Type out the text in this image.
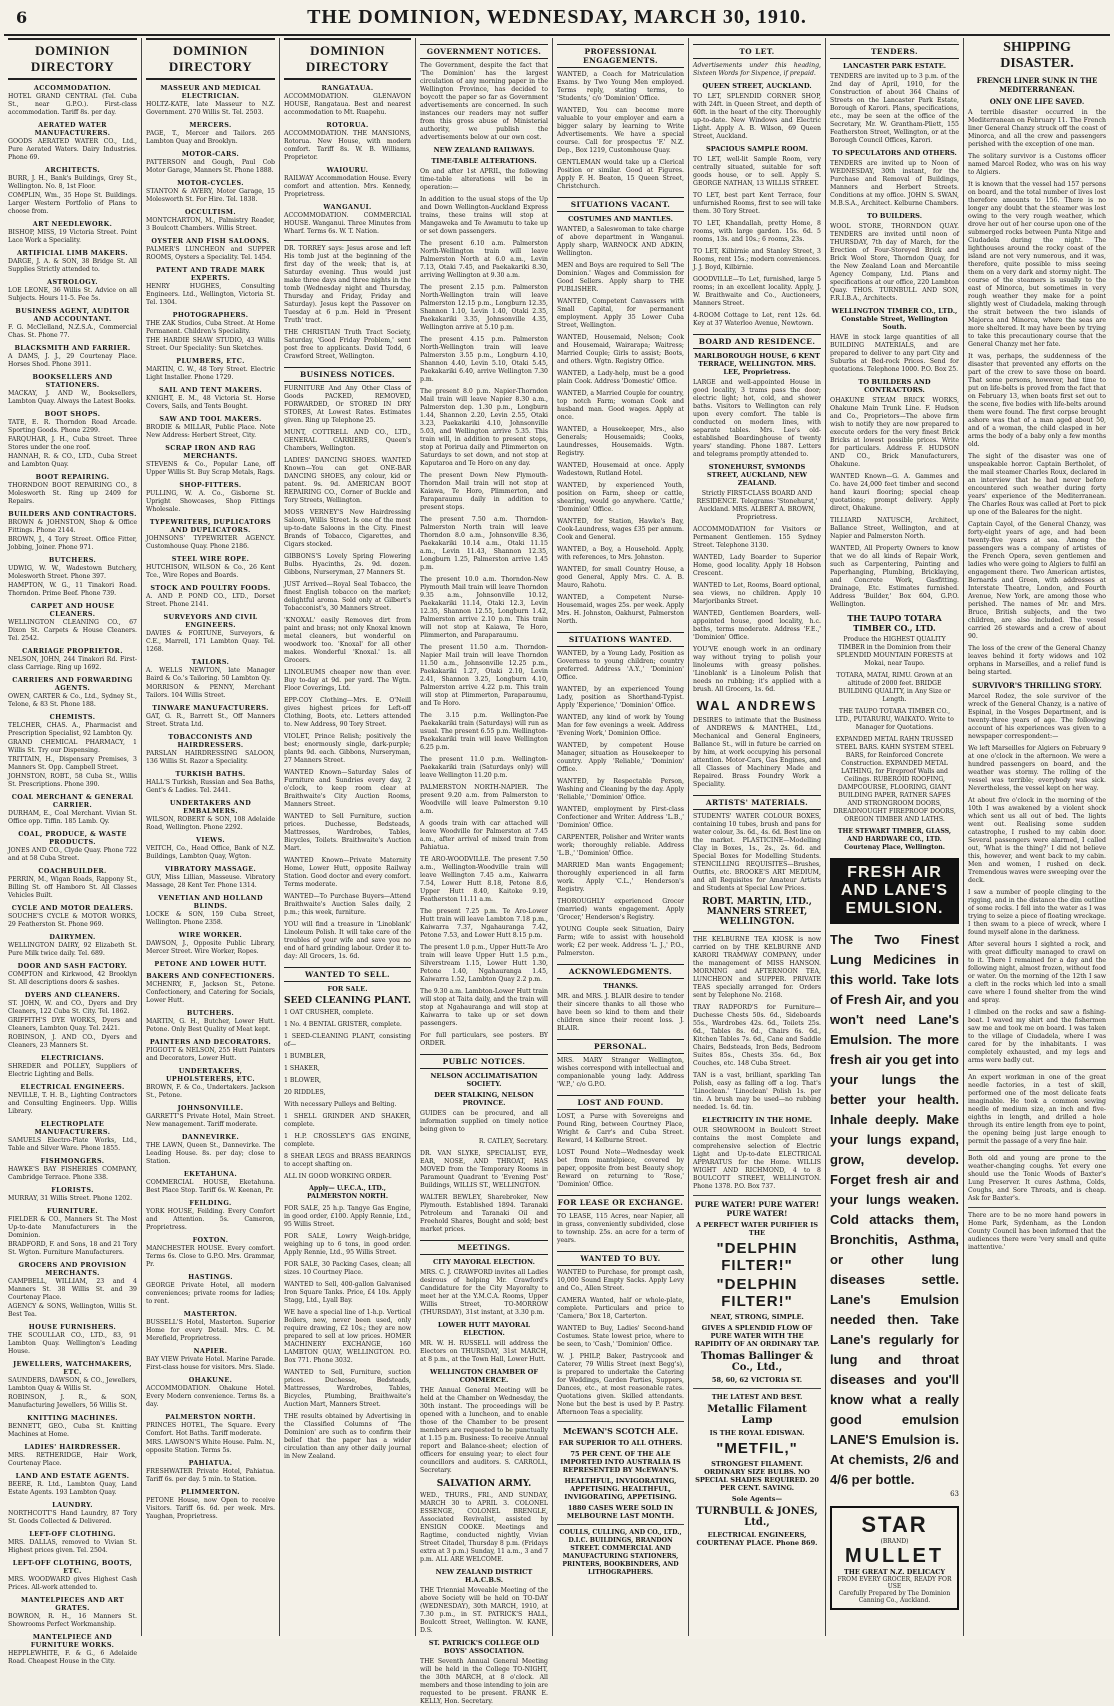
6	THE DOMINION, WEDNESDAY, MARCH 30, 1910.
DOMINION DIRECTORY
ACCOMMODATION.

HOTEL GRAND CENTRAL (Tel. Cuba St., near G.P.O.). First-class accommodation. Tariff 8s. per day.

AERATED WATER MANUFACTURERS.

GOODS AERATED WATER CO., Ltd., Pure Aerated Waters. Dairy Industries. Phone 69.

ARCHITECTS.

BURR, J. H., Bank's Buildings, Grey St., Wellington. No. 8, 1st Floor.

COMPLIN, Wm., 35 Hope St. Buildings. Larger Western Portfolio of Plans to choose from.

ART NEEDLEWORK.

BISHOP, MISS, 19 Victoria Street. Point Lace Work a Speciality.

ARTIFICIAL LIMB MAKERS.

DARGE, J. A. & SON, 38 Bridge St. All Supplies Strictly attended to.

ASTROLOGY.

LOE LEONE, 36 Willis St. Advice on all Subjects. Hours 11-5. Fee 5s.

BUSINESS AGENT, AUDITOR AND ACCOUNTANT.

F. G. McClelland, N.Z.S.A., Commercial Chas. St. Phone 77.

BLACKSMITH AND FARRIER.

A DAMS, J. J., 29 Courtenay Place. Horses Shod. Phone 3911.

BOOKSELLERS AND STATIONERS.

MACKAY, J. AND W., Booksellers, Lambton Quay. Always the Latest Books.

BOOT SHOPS.

TATE, E. R. Thorndon Road Arcade. Sporting Goods. Phone 2299.

FARQUHAR, J. H., Cuba Street. Three Stores under the one roof.

HANNAH, R. & CO., LTD., Cuba Street and Lambton Quay.

BOOT REPAIRING.

THORNDON BOOT REPAIRING CO., 8 Molesworth St. Ring up 2409 for Repairs.

BUILDERS AND CONTRACTORS.

BROWN & JOHNSTON, Shop & Office Fittings. Phone 2144.

BROWN, J., 4 Tory Street. Office Fitter, Jobbing, Joiner. Phone 971.

BUTCHERS.

UDWIG, W. W., Wadestown Butchery, Molesworth Street. Phone 397.

HAMPTON, W. G., 11 Tinakori Road. Thorndon. Prime Beef. Phone 739.

CARPET AND HOUSE CLEANERS.

WELLINGTON CLEANING CO., 67 Dixon St. Carpets & House Cleaners. Tel. 2542.

CARRIAGE PROPRIETOR.

NELSON, JOHN, 244 Tinakori Rd. First-class Carriage. Ring up 1692.

CARRIERS AND FORWARDING AGENTS.

OWEN, CARTER & Co., Ltd., Sydney St., Telone, & 83 St. Phone 188.

CHEMISTS.

TELCHER, CHAS. A., Pharmacist and Prescription Specialist, 92 Lambton Qy.

GRAND CHEMICAL PHARMACY, 1 Willis St. Try our Dispensing.

TRITTAIN, H., Dispensary Premises, 3 Manners St. Opp. Campbell Street.

JOHNSTON, ROBT., 58 Cuba St., Willis St. Prescriptions. Phone 390.

COAL MERCHANT & GENERAL CARRIER.

DURHAM, E., Coal Merchant. Vivian St. Office opp. Tiffin. 185 Lamb. Qy.

COAL, PRODUCE, & WASTE PRODUCTS.

JONES AND CO., Clyde Quay. Phone 722 and at 58 Cuba Street.

COACHBUILDER.

PERRIN, M., Wigan Roads, Rappony St., Billing St. off Hamboro St. All Classes Vehicles Built.

CYCLE AND MOTOR DEALERS.

SOUCHE'S CYCLE & MOTOR WORKS, 29 Featherston St. Phone 969.

DAIRYMEN.

WELLINGTON DAIRY, 92 Elizabeth St. Pure Milk twice daily. Tel. 689.

DOOR AND SASH FACTORY.

COMPTON and Kirkwood, 42 Brooklyn St. All descriptions doors & sashes.

DYERS AND CLEANERS.

ST. JOHN, W. and CO., Dyers and Dry Cleaners, 122 Cuba St. City. Tel. 1862.

GRIFFITH'S DYE WORKS, Dyers and Cleaners, Lambton Quay. Tel. 2421.

ROBINSON, J. AND CO., Dyers and Cleaners, 23 Manners St.

ELECTRICIANS.

SHREDER and POLLEY, Suppliers of Electric Lighting and Bells.

ELECTRICAL ENGINEERS.

NEVILLE, T. H. B., Lighting Contractors and Consulting Engineers. Upp. Willis Library.

ELECTROPLATE MANUFACTURERS.

SAMUELS Electro-Plate Works, Ltd., Table and Silver Ware. Phone 1855.

FISHMONGERS.

HAWKE'S BAY FISHERIES COMPANY, Cambridge Terrace. Phone 338.

FLORISTS.

MURRAY, 31 Willis Street. Phone 1202.

FURNITURE.

FIELDER & CO., Manners St. The Most Up-to-date Manufacturers in the Dominion.

BRADFORD, F. and Sons, 18 and 21 Tory St. Wgton. Furniture Manufacturers.

GROCERS AND PROVISION MERCHANTS.

CAMPBELL, WILLIAM, 23 and 4 Manners St. 38 Willis St. and 39 Courtenay Place.

AGENCY & SONS, Wellington, Willis St. Best Tea.

HOUSE FURNISHERS.

THE SCOULLAR CO., LTD., 83, 91 Lambton Quay. Wellington's Leading House.

JEWELLERS, WATCHMAKERS, ETC.

SAUNDERS, DAWSON, & CO., Jewellers, Lambton Quay & Willis St.

ROBINSON, J. R., & SON, Manufacturing Jewellers, 56 Willis St.

KNITTING MACHINES.

BENNETT, GEO., Cuba St. Knitting Machines at Home.

LADIES' HAIRDRESSER.

MRS. RETHERIDGE, Hair Work, Courtenay Place.

LAND AND ESTATE AGENTS.

BEERE, R. Ltd., Lambton Quay, Land Estate Agents. 193 Lambton Quay.

LAUNDRY.

NORTHCOTT'S Hand Laundry, 87 Tory St. Goods Collected & Delivered.

LEFT-OFF CLOTHING.

MRS. DALLAS, removed to Vivian St. Highest prices given. Tel. 2504.

LEFT-OFF CLOTHING, BOOTS, ETC.

MRS. WOODWARD gives Highest Cash Prices. All-work attended to.

MANTELPIECES AND ART GRATES.

BOWRON, R. H., 16 Manners St. Showrooms Perfect Workmanship.

MANTELPIECE AND FURNITURE WORKS.

HEPPLEWHITE, F. & G., 6 Adelaide Road. Cheapest House in the City.

DOMINION DIRECTORY
MASSEUR AND MEDICAL ELECTRICIAN.

HOLTZ-KATE, late Masseur to N.Z. Government. 270 Willis St. Tel. 2503.

MERCERS.

PAGE, T., Mercer and Tailors. 265 Lambton Quay and Brooklyn.

MOTOR-CARS.

PATTERSON and Gough, Paul Cob Motor Garage, Manners St. Phone 1888.

MOTOR-CYCLES.

STANTON & AVERY, Motor Garage, 15 Molesworth St. For Hire. Tel. 1838.

OCCULTISM.

MONTCHARTON, M., Palmistry Reader, 3 Boulcott Chambers. Willis Street.

OYSTER AND FISH SALOONS.

PALMER'S LUNCHEON and SUPPER ROOMS, Oysters a Speciality. Tel. 1454.

PATENT AND TRADE MARK EXPERTS.

HENRY HUGHES, Consulting Engineers. Ltd., Wellington, Victoria St. Tel. 1304.

PHOTOGRAPHERS.

THE ZAK Studios, Cuba Street. At Home Permanent. Children's Speciality.

THE HARDIE SHAW STUDIO, 43 Willis Street. Our Speciality: Sun Sketches.

PLUMBERS, ETC.

MARTIN, C. W., 48 Tory Street. Electric Light Installer. Phone 1729.

SAIL AND TENT MAKERS.

KNIGHT, E. M., 48 Victoria St. Horse Covers, Sails, and Tents Bought.

SAW AND TOOL MAKERS.

BRODIE & MILLAR, Public Place. Note New Address: Herbert Street, City.

SCRAP IRON AND RAG MERCHANTS.

STEVENS & Co., Popular Lane, off Upper Willis St. Buy Scrap Metals, Rags.

SHOP-FITTERS.

PULLING, W. A. Co., Gisborne St. Upright Showcases, Shop Fittings Wholesale.

TYPEWRITERS, DUPLICATORS AND DUPLICATORS.

JOHNSONS' TYPEWRITER AGENCY. Customhouse Quay. Phone 2186.

STEEL WIRE ROPE.

HUTCHISON, WILSON & Co., 26 Kent Tce., Wire Ropes and Boards.

STOCK AND POULTRY FOODS.

A. AND P. POND CO., LTD., Dorset Street. Phone 2141.

SURVEYORS AND CIVIL ENGINEERS.

DAVIES & FORTUNE, Surveyors, & C.E., Marrell, 171 Lambton Quay. Tel. 1268.

TAILORS.

A. WELLS NEWTON, late Manager Baird & Co.'s Tailoring. 50 Lambton Qy.

MORRISON & PENNY, Merchant Tailors. 104 Willis Street.

TINWARE MANUFACTURERS.

GAT, G. R., Barrett St., Off Manners Street. Strata Ltd.

TOBACCONISTS AND HAIRDRESSERS.

PARSLAN HAIRDRESSING SALOON, 136 Willis St. Razor a Speciality.

TURKISH BATHS.

HALL'S Turkish, Russian and Sea Baths, Gent's & Ladies. Tel. 2441.

UNDERTAKERS AND EMBALMERS.

WILSON, ROBERT & SON, 108 Adelaide Road, Wellington. Phone 2292.

VIEWS.

VEITCH, Co., Head Office, Bank of N.Z. Buildings, Lambton Quay, Wgton.

VIBRATORY MASSAGE.

GUY, Miss Lillian, Masseuse. Vibratory Massage, 28 Kent Ter. Phone 1314.

VENETIAN AND HOLLAND BLINDS.

LOCKE & SON, 159 Cuba Street, Wellington. Phone 2358.

WIRE WORKER.

DAWSON, J., Opposite Public Library, Mercer Street. Wire Worker, Ropes.

PETONE AND LOWER HUTT.
BAKERS AND CONFECTIONERS.

MCHENRY, F., Jackson St., Petone. Confectionery, and Catering for Socials, Lower Hutt.

BUTCHERS.

MARTIN, G. H., Butcher, Lower Hutt. Petone. Only Best Quality of Meat kept.

PAINTERS AND DECORATORS.

PIGGOTT & NELSON, 255 Hutt Painters and Decorators, Lower Hutt.

UNDERTAKERS, UPHOLSTERERS, ETC.

BROWN, F. & Co., Undertakers. Jackson St., Petone.

JOHNSONVILLE.

GARRETT'S Private Hotel, Main Street. New management. Tariff moderate.

DANNEVIRKE.

THE LAWN, Queen St., Dannevirke. The Leading House. 8s. per day; close to Station.

EKETAHUNA.

COMMERCIAL HOUSE, Eketahuna. Best Place Stop. Tariff 6s. W. Keenan, Pr.

FEILDING.

YORK HOUSE, Feilding. Every Comfort and Attention. 5s. Cameron, Proprietress.

FOXTON.

MANCHESTER HOUSE. Every comfort. Terms 6s. Close to G.P.O. Mrs. Grammar, Pr.

HASTINGS.

GEORGE Private Hotel, all modern conveniences; private rooms for ladies; to rent.

MASTERTON.

BUSSELL'S Hotel, Masterton. Superior Home for every Detail. Mrs. C. M. Merefield, Proprietress.

NAPIER.

BAY VIEW Private Hotel. Marine Parade. First-class house for visitors. Mrs. Slade.

OHAKUNE.

ACCOMMODATION. Ohakune Hotel. Every Modern convenience. Terms 8s. a day.

PALMERSTON NORTH.

PRINCES HOTEL, The Square. Every Comfort. Hot Baths. Tariff moderate.

MRS. LAWSON'S White House. Palm. N., opposite Station. Terms 5s.

PAHIATUA.

FRESHWATER Private Hotel, Pahiatua. Tariff 6s. per day. 5 min. to Station.

PLIMMERTON.

PETONE House, now Open to receive Visitors. Tariff 6s. 6d. per week. Mrs. Yaughan, Proprietress.

DOMINION DIRECTORY
RANGATAUA.

ACCOMMODATION. GLENAVON HOUSE, Rangataua. Best and nearest accommodation to Mt. Ruapehu.

ROTORUA.

ACCOMMODATION. THE MANSIONS, Rotorua. New House, with modern comfort. Tariff 8s. W. B. Williams, Proprietor.

WAIOURU.

RAILWAY Accommodation House. Every comfort and attention. Mrs. Kennedy, Proprietress.

WANGANUI.

ACCOMMODATION. COMMERCIAL HOUSE. Wanganui. Three Minutes from Wharf. Terms 6s. W. T. Nation.

DR. TORREY says: Jesus arose and left His tomb just at the beginning of the first day of the week; that is, at Saturday evening. Thus would just make three days and three nights in the tomb (Wednesday night and Thursday, Thursday and Friday, Friday and Saturday). Jesus kept the Passover on Tuesday at 6 p.m. Held in 'Present Truth' tract.

THE CHRISTIAN Truth Tract Society, Saturday, 'Good Friday Problem,' sent post free to applicants. David Todd, 6 Crawford Street, Wellington.

BUSINESS NOTICES.

FURNITURE And Any Other Class of Goods PACKED, REMOVED, FORWARDED, Or STORED IN DRY STORES, At Lowest Rates. Estimates given. Ring up Telephone 25.

MUNT, COTTRELL AND CO., LTD., GENERAL CARRIERS, Queen's Chambers, Wellington.

LADIES' DANCING SHOES. WANTED Known—You can get ONE-BAR DANCING SHOES, any colour, kid or patent. 9s. 9d. AMERICAN BOOT REPAIRING CO., Corner of Buckle and Tory Streets, Wellington.

MOSS VERNEY'S New Hairdressing Saloon, Willis Street. Is one of the most up-to-date Saloons in the City. Finest Brands of Tobacco, Cigarettes, and Cigars stocked.

GIBBONS'S Lovely Spring Flowering Bulbs. Hyacinths, 2s. 9d. dozen. Gibbons, Nurseryman, 27 Manners St.

JUST Arrived—Royal Seal Tobacco, the finest English tobacco on the market; delightful aroma. Sold only at Gilbert's Tobacconist's, 30 Manners Street.

'KNOXAL' easily Removes dirt from paint and brass; not only Knoxal known metal cleaners, but wonderful on woodwork too. 'Knoxal' for all other makes. Wonderful 'Knoxal.' 1s. all Grocers.

LINOLEUMS cheaper now than ever. Buy to-day at 9d. per yard. The Wgtn. Floor Coverings, Ltd.

EPP-COY Clothing—Mrs. E. O'Neill gives highest prices for Left-off Clothing, Boots, etc. Letters attended to. New Address, 90 Tory Street.

VIOLET, Prince Relish; positively the best; enormously single, dark-purple; plants 9d. each. Gibbons, Nurseryman, 27 Manners Street.

WANTED Known—Saturday Sales of Furniture and Sundries every day, 2 o'clock, to keep room clear at Braithwaite's City Auction Rooms, Manners Street.

WANTED to Sell Furniture, suction prices. Duchesse, Bedsteads, Mattresses, Wardrobes, Tables, Bicycles, Toilets. Braithwaite's Auction Mart.

WANTED Known—Private Maternity Home, Lower Hutt, opposite Railway Station. Good doctor and every comfort. Terms moderate.

WANTED—To Purchase Buyers—Attend Braithwaite's Auction Sales daily, 2 p.m.; this week, furniture.

YOU will find a treasure in 'Linoblank' Linoleum Polish. It will take care of the troubles of your wife and save you no end of hard grinding labour. Order it to-day: All Grocers, 1s. 6d.

WANTED TO SELL.
FOR SALE.
SEED CLEANING PLANT.

1 OAT CRUSHER, complete.

1 No. 4 BENTAL GRISTER, complete.

1 SEED-CLEANING PLANT, consisting of—

1 BUMBLER,

1 SHAKER,

1 BLOWER,

20 RIDDLES,

With necessary Pulleys and Belting.

1 SHELL GRINDER AND SHAKER, complete.

1 H.P. CROSSLEY'S GAS ENGINE, complete.

8 SHEAR LEGS and BRASS BEARINGS to accept shafting on.

ALL IN GOOD WORKING ORDER.

Apply— U.F.C.A., LTD., PALMERSTON NORTH.

FOR SALE, 25 h.p. Tangye Gas Engine, in good order, £100. Apply Rennie, Ltd., 95 Willis Street.

FOR SALE, Lowry Weigh-bridge, weighing up to 6 tons, in good order. Apply Rennie, Ltd., 95 Willis Street.

FOR SALE, 30 Packing Cases, clean; all sizes. 10 Courtney Place.

WANTED to Sell, 400-gallon Galvanised Iron Square Tanks. Price, £4 10s. Apply Stagg, Ltd., Lyall Bay.

WE have a special line of 1-h.p. Vertical Boilers, new, never been used, only require drawing, £2 10s.; they are now prepared to sell at low prices. HOMER MACHINERY EXCHANGE, 160 LAMBTON QUAY, WELLINGTON. P.O. Box 771. Phone 3032.

WANTED to Sell, Furniture, suction prices. Duchesse, Bedsteads, Mattresses, Wardrobes, Tables, Bicycles, Plumbing, Braithwaite's Auction Mart, Manners Street.

THE results obtained by Advertising in the Classified Columns of 'The Dominion' are such as to confirm their belief that the paper has a wider circulation than any other daily journal in New Zealand.

GOVERNMENT NOTICES.

The Government, despite the fact that 'The Dominion' has the largest circulation of any morning paper in the Wellington Province, has decided to boycott the paper so far as Government advertisements are concerned. In such instances our readers may not suffer from this gross abuse of Ministerial authority, we publish the advertisements below at our own cost.

NEW ZEALAND RAILWAYS.
TIME-TABLE ALTERATIONS.

On and after 1st APRIL, the following time-table alterations will be in operation:—

In addition to the usual stops of the Up and Down Wellington-Auckland Express trains, these trains will stop at Mangaweka and Te Awamutu to take up or set down passengers.

The present 6.10 a.m. Palmerston North-Wellington train will leave Palmerston North at 6.0 a.m., Levin 7.13, Otaki 7.45, and Paekakariki 8.30, arriving Wellington at 9.30 a.m.

The present 2.15 p.m. Palmerston North-Wellington train will leave Palmerston 12.15 p.m., Longburn 12.35, Shannon 1.10, Levin 1.40, Otaki 2.35, Paekakariki 3.35, Johnsonville 4.35, Wellington arrive at 5.10 p.m.

The present 4.15 p.m. Palmerston North-Wellington train will leave Palmerston 3.55 p.m., Longburn 4.10, Shannon 4.40, Levin 5.10, Otaki 5.45, Paekakariki 6.40, arrive Wellington 7.30 p.m.

The present 8.0 p.m. Napier-Thorndon Mail train will leave Napier 8.30 a.m., Palmerston dep. 1.30 p.m., Longburn 1.44, Shannon 2.20, Levin 2.55, Otaki 3.23, Paekakariki 4.10, Johnsonville 5.03, and Wellington arrive 5.35. This train will, in addition to present stops, stop at Porirua daily and Plimmerton on Saturdays to set down, and not stop at Kaputaroa and Te Horo on any day.

The present Down New Plymouth-Thorndon Mail train will not stop at Kaiawa, Te Horo, Plimmerton, and Paraparaumu daily in addition to present stops.

The present 7.50 a.m. Thorndon-Palmerston North train will leave Thorndon 8.0 a.m., Johnsonville 8.36, Paekakariki 10.14 a.m., Otaki 11.15 a.m., Levin 11.43, Shannon 12.35, Longburn 1.25, Palmerston arrive 1.45 p.m.

The present 10.0 a.m. Thorndon-New Plymouth Mail train will leave Thorndon 9.35 a.m., Johnsonville 10.12, Paekakariki 11.14, Otaki 12.3, Levin 12.35, Shannon 12.55, Longburn 1.42, Palmerston arrive 2.10 p.m. This train will not stop at Kaiawa, Te Horo, Plimmerton, and Paraparaumu.

The present 11.50 a.m. Thorndon-Napier Mail train will leave Thorndon 11.50 a.m., Johnsonville 12.25 p.m., Paekakariki 1.27, Otaki 2.10, Levin 2.41, Shannon 3.25, Longburn 4.10, Palmerston arrive 4.22 p.m. This train will stop at Plimmerton, Paraparaumu, and Te Horo.

The 3.15 p.m. Wellington-Pae Paekakariki train (Saturdays) will run as usual. The present 6.55 p.m. Wellington-Paekakariki train will leave Wellington 6.25 p.m.

The present 11.0 p.m. Wellington-Paekakariki train (Saturdays only) will leave Wellington 11.20 p.m.

PALMERSTON NORTH-NAPIER. The present 9.20 a.m. from Palmerston to Woodville will leave Palmerston 9.10 a.m.

A goods train with car attached will leave Woodville for Palmerston at 7.45 a.m., after arrival of mixed train from Pahiatua.

TE ARO-WOODVILLE. The present 7.50 a.m., Wellington-Woodville train will leave Wellington 7.45 a.m., Kaiwarra 7.54, Lower Hutt 8.18, Petone 8.6, Upper Hutt 8.40, Kaitoke 9.19, Featherston 11.11 a.m.

The present 7.25 p.m. Te Aro-Lower Hutt train will leave Lambton 7.18 p.m., Kaiwarra 7.37, Ngahauranga 7.42, Petone 7.53, and Lower Hutt 8.15 p.m.

The present 1.0 p.m., Upper Hutt-Te Aro train will leave Upper Hutt 1.5 p.m., Silverstream 1.15, Lower Hutt 1.30, Petone 1.40, Ngahauranga 1.45, Kaiwarra 1.52, Lambton Quay 2.2 p.m.

The 9.30 a.m. Lambton-Lower Hutt train will stop at Taita daily, and the train will stop at Ngahauranga and will stop at Kaiwarra to take up or set down passengers.

For full particulars, see posters. BY ORDER.

PUBLIC NOTICES.
NELSON ACCLIMATISATION SOCIETY.
DEER STALKING, NELSON PROVINCE.

GUIDES can be procured, and all information supplied on timely notice being given to

R. CATLEY, Secretary.

DR. VAN SLYKE, SPECIALIST, EYE, EAR, NOSE, AND THROAT, HAS MOVED from the Temporary Rooms in Paramount Quadrant to 'Evening Post' Buildings, WILLIS ST., WELLINGTON.

WALTER BEWLEY, Sharebroker, New Plymouth. Established 1894. Taranaki Petroleum and Taranaki Oil and Freehold Shares, Bought and sold; best market prices.

MEETINGS.
CITY MAYORAL ELECTION.

MRS. C. J. CRAWFORD invites all Ladies desirous of helping Mr. Crawford's Candidature for the City Mayoralty to meet her at the Y.M.C.A. Rooms, Upper Willis Street, TO-MORROW (THURSDAY), 31st instant, at 3.30 p.m.

LOWER HUTT MAYORAL ELECTION.

MR. W. H. RUSSELL will address the Electors on THURSDAY, 31st MARCH, at 8 p.m., at the Town Hall, Lower Hutt.

WELLINGTON CHAMBER OF COMMERCE.

THE Annual General Meeting will be held at the Chamber on Wednesday, the 30th instant. The proceedings will be opened with a luncheon, and to enable those of the Chamber to be present members are requested to be punctually at 1.15 p.m. Business: To receive Annual report and Balance-sheet; election of officers for ensuing year; to elect four councillors and auditors. S. CARROLL, Secretary.

SALVATION ARMY.

WED., THURS., FRI., AND SUNDAY, MARCH 30 to APRIL 3. COLONEL ESSENGE, COLONEL BRENGLE, Associated Revivalist, assisted by ENSIGN COOKE. Meetings and Ragtime, conducted nightly, Vivian Street Citadel, Thursday 8 p.m. (Fridays extra at 3 p.m.) Sunday, 11 a.m., 3 and 7 p.m. ALL ARE WELCOME.

NEW ZEALAND DISTRICT H.A.C.B.S.

THE Triennial Moveable Meeting of the above Society will be held on TO-DAY (WEDNESDAY), 30th MARCH, 1910, at 7.30 p.m., in ST. PATRICK'S HALL, Boulcott Street, Wellington. W. KANE, D.S.

ST. PATRICK'S COLLEGE OLD BOYS' ASSOCIATION.

THE Seventh Annual General Meeting will be held in the College TO-NIGHT, the 30th MARCH, at 8 o'clock. All members and those intending to join are requested to be present. FRANK E. KELLY, Hon. Secretary.

PROFESSIONAL ENGAGEMENTS.

WANTED, a Coach for Matriculation Exams. by Two Young Men employed. Terms reply, stating terms, to 'Students,' c/o 'Dominion' Office.

WANTED, You can become more valuable to your employer and earn a bigger salary by learning to Write Advertisements. We have a special course. Call for prospectus 'F.' N.Z. Dep., Box 1219, Customhouse Quay.

GENTLEMAN would take up a Clerical Position or similar. Good at Figures. Apply F. H. Beaton, 15 Queen Street, Christchurch.

SITUATIONS VACANT.
COSTUMES AND MANTLES.

WANTED, a Saleswoman to take charge of above department in Wanganui. Apply sharp, WARNOCK AND ADKIN, Wellington.

MEN and Boys are required to Sell 'The Dominion.' Wages and Commission for Good Sellers. Apply sharp to THE PUBLISHER.

WANTED, Competent Canvassers with Small Capital, for permanent employment. Apply 35 Lower Cuba Street, Wellington.

WANTED, Housemaid, Nelson; Cook and Housemaid, Wairarapa; Waitress; Married Couple; Girls to assist; Boots, and others. Wgtn. Registry Office.

WANTED, a Lady-help, must be a good plain Cook. Address 'Domestic' Office.

WANTED, a Married Couple for country, top notch Farm; woman Cook and husband man. Good wages. Apply at once.

WANTED, a Housekeeper, Mrs., also Generals; Housemaids; Cooks, Laundresses, Housemaids. Wgtn. Registry.

WANTED, Housemaid at once. Apply Wadestown, Rutland Hotel.

WANTED, by experienced Youth, position on Farm, sheep or cattle, shearing, would go anywhere. 'Cattle,' 'Dominion' Office.

WANTED, for Station, Hawke's Bay, Cook-Laundress, wages £35 per annum. Cook and General.

WANTED, a Boy, a Household. Apply, with references, to Mrs. Johnston.

WANTED, for small Country House, a good General, Apply Mrs. C. A. B. Mauro, Rahotu.

WANTED, a Competent Nurse-Housemaid, wages 25s. per week. Apply Mrs. H. Johnston, Oakhurst, Palmerston North.

SITUATIONS WANTED.

WANTED, by a Young Lady, Position as Governess to young children; country preferred. Address 'A.Y.,' 'Dominion' Office.

WANTED, by an experienced Young Lady, position as Shorthand-Typist. Apply 'Experience,' 'Dominion' Office.

WANTED, any kind of work by Young Man for few evenings a week. Address 'Evening Work,' Dominion Office.

WANTED, by competent House Manager, situation as Housekeeper to country. Apply 'Reliable,' 'Dominion' Office.

WANTED, by Respectable Person, Washing and Cleaning by the day. Apply 'Reliable,' 'Dominion' Office.

WANTED, employment by First-class Confectioner and Writer. Address 'L.B.,' 'Dominion' Office.

CARPENTER, Polisher and Writer wants work; thoroughly reliable. Address 'L.B.,' 'Dominion' Office.

MARRIED Man wants Engagement; thoroughly experienced in all farm work. Apply 'C.L.,' Henderson's Registry.

THOROUGHLY experienced Grocer (married) wants engagement. Apply 'Grocer,' Henderson's Registry.

YOUNG Couple seek Situation, Dairy Farm; wife to assist with household work; £2 per week. Address 'L. J.,' P.O., Palmerston.

ACKNOWLEDGMENTS.
THANKS.

MR. and MRS. J. BLAIR desire to tender their sincere thanks to all those who have been so kind to them and their children since their recent loss. J. BLAIR.

PERSONAL.

MRS. MARY Stranger Wellington, wishes correspond with intellectual and companionable young lady. Address 'W.P.,' c/o G.P.O.

LOST AND FOUND.

LOST, a Purse with Sovereigns and Pound Ring, between Courtney Place, Wright & Carr's and Cuba Street. Reward, 14 Kelburne Street.

LOST Pound Note—Wednesday week bet from mantelpiece, covered by paper, opposite from best Beauty shop; Reward on returning to 'Rose,' 'Dominion' Office.

FOR LEASE OR EXCHANGE.

TO LEASE, 115 Acres, near Napier, all in grass, conveniently subdivided, close to township. 25s. an acre for a term of years.

WANTED TO BUY.

WANTED to Purchase, for prompt cash, 10,000 Sound Empty Sacks. Apply Levy and Co., Allen Street.

CAMERA Wanted, half or whole-plate, complete. Particulars and price to 'Camera,' Box 18, Carterton.

WANTED to Buy, Ladies' Second-hand Costumes. State lowest price, where to be seen, to 'Cash,' 'Dominion' Office.

W. J. PHILP, Baker, Pastrycook and Caterer, 79 Willis Street (next Begg's), is prepared to undertake the Catering for Weddings, Garden Parties, Suppers, Dances, etc., at most reasonable rates. Quotations given. Skilled attendants. None but the best is used by P. Pastry. Afternoon Teas a speciality.

McEWAN'S SCOTCH ALE.
FAR SUPERIOR TO ALL OTHERS.
75 PER CENT. OF THE ALE IMPORTED INTO AUSTRALIA IS REPRESENTED BY McEWAN'S.
HEALTHFUL, INVIGORATING, APPETISING. HEALTHFUL, INVIGORATING, APPETISING.
1880 CASES WERE SOLD IN MELBOURNE LAST MONTH.

COULLS, CULLING, AND CO., LTD., D.I.C. BUILDINGS, BRANDON STREET. COMMERCIAL AND MANUFACTURING STATIONERS, PRINTERS, BOOKBINDERS, AND LITHOGRAPHERS.

TO LET.

Advertisements under this heading, Sixteen Words for Sixpence, if prepaid.

QUEEN STREET, AUCKLAND.

TO LET, SPLENDID CORNER SHOP, with 24ft. in Queen Street, and depth of 60ft. in the heart of the city. Thoroughly up-to-date. New Windows and Electric Light. Apply A. B. Wilson, 69 Queen Street, Auckland.

SPACIOUS SAMPLE ROOM.

TO LET, well-lit Sample Room, very centrally situated, suitable for soft goods house, or to sell. Apply S. GEORGE NATHAN, 13 WILLIS STREET.

TO LET, best part Kent Terrace, four unfurnished Rooms, first to see will take them. 30 Tory Street.

TO LET, Khandallah, pretty Home, 8 rooms, with large garden. 15s. 6d. 5 rooms, 13s. and 10s.; 6 rooms, 23s.

TO LET, Kilbirnie and Stanley Street, 3 Rooms, rent 15s.; modern conveniences. J. J. Boyd, Kilbirnie.

GOODVILLE—To Let, furnished, large 5 rooms; in an excellent locality. Apply, J. W. Braithwaite and Co., Auctioneers, Manners Street.

4-ROOM Cottage to Let, rent 12s. 6d. Key at 37 Waterloo Avenue, Newtown.

BOARD AND RESIDENCE.
MARLBOROUGH HOUSE, 6 KENT TERRACE, WELLINGTON. MRS. LEE, Proprietress.

LARGE and well-appointed House in good locality, 3 trams pass the door; electric light; hot, cold, and shower baths. Visitors to Wellington can rely upon every comfort. The table is conducted on modern lines, with separate tables. Mrs. Lee's old-established Boardinghouse of twenty years' standing. Phone 1887. Letters and telegrams promptly attended to.

STONEHURST, SYMONDS STREET, AUCKLAND, NEW ZEALAND.

Strictly FIRST-CLASS BOARD AND RESIDENCE. Telegrams: 'Stonehurst,' Auckland. MRS. ALBERT A. BROWN, Proprietress.

ACCOMMODATION for Visitors or Permanent Gentlemen. 155 Sydney Street. Telephone 3130.

WANTED, Lady Boarder to Superior Home, good locality. Apply 18 Hobson Crescent.

WANTED to Let, Rooms, Board optional, sea views, no children. Apply 10 Marjoribanks Street.

WANTED, Gentlemen Boarders, well-appointed house, good locality, h.c. baths, terms moderate. Address 'F.E.,' 'Dominion' Office.

YOU'VE enough work in an ordinary way without trying to polish your linoleums with greasy polishes. 'Linoblank' is a Linoleum Polish that needs no rubbing; it's applied with a brush. All Grocers, 1s. 6d.

WAL ANDREWS

DESIRES to intimate that the Business of ANDREWS & MANTHEL, Ltd., Mechanical and General Engineers, Ballance St., will in future be carried on by him, at work occupying his personal attention. Motor-Cars, Gas Engines, and all Classes of Machinery Made and Repaired. Brass Foundry Work a Speciality.

ARTISTS' MATERIALS.

STUDENTS' WATER COLOUR BOXES, containing 10 tubes, brush and pans for water colour, 3s. 6d., 4s. 6d. Best line on the market. PLASTICINE—Modelling Clay in Boxes, 1s., 2s., 2s. 6d. and Special Boxes for Modelling Students. STENCILLING REQUISITES—Brushes, Outfits, etc. BROOKE'S ART MEDIUM, and all Requisites for Amateur Artists and Students at Special Low Prices.

ROBT. MARTIN, LTD., MANNERS STREET, WELLINGTON.

THE KELBURNE TEA KIOSK is now carried on by THE KELBURNE AND KARORI TRAMWAY COMPANY, under the management of MISS HANSON. MORNING and AFTERNOON TEA, LUNCHEON and SUPPER. PRIVATE TEAS specially arranged for. Orders sent by Telephone No. 2168.

TRAY RADFORD'S for Furniture—Duchesse Chests 50s. 6d., Sideboards 55s., Wardrobes 42s. 6d., Toilets 25s. 6d., Tables 8s. 6d., Chairs 6s. 6d., Kitchen Tables 7s. 6d., Cane and Saddle Chairs, Bedsteads, Iron Beds, Bedroom Suites 85s., Chests 35s. 6d., Box Couches, etc. 148 Cuba Street.

TAN is a vast, brilliant, sparkling Tan Polish, easy as falling off a log. That's 'Linoclean.' 'Linoclean' Polish 1s. per tin. A brush may be used—no rubbing needed. 1s. 6d. tin.

ELECTRICITY IN THE HOME.

OUR SHOWROOM in Boulcott Street contains the most Complete and comprehensive selection of Electric Light and Up-to-date ELECTRICAL APPARATUS for the Home. WILLIS WIGHT AND RICHMOND, 4 to 8 BOULCOTT STREET, WELLINGTON. Phone 1378. P.O. Box 737.

PURE WATER! PURE WATER! PURE WATER!
A PERFECT WATER PURIFIER IS THE
"DELPHIN FILTER!"
"DELPHIN FILTER!"
NEAT, STRONG, SIMPLE.
GIVES A SPLENDID FLOW OF PURE WATER WITH THE RAPIDITY OF AN ORDINARY TAP.
Thomas Ballinger & Co., Ltd.,
58, 60, 62 VICTORIA ST.
THE LATEST AND BEST.
Metallic Filament Lamp
IS THE ROYAL EDISWAN.
"METFIL,"
STRONGEST FILAMENT. ORDINARY SIZE BULBS. NO SPECIAL SHADES REQUIRED. 20 PER CENT. SAVING.
Sole Agents—
TURNBULL & JONES, Ltd.,
ELECTRICAL ENGINEERS, COURTENAY PLACE. Phone 869.
TENDERS.
LANCASTER PARK ESTATE.

TENDERS are invited up to 3 p.m. of the 2nd day of April, 1910, for the Construction of about 364 Chains of Streets on the Lancaster Park Estate, Borough of Karori. Plans, specifications, etc., may be seen at the office of the Secretary, Mr. W. Grantham-Pliett, 155 Featherston Street, Wellington, or at the Borough Council Offices, Karori.

TO SPECULATORS AND OTHERS.

TENDERS are invited up to Noon of WEDNESDAY, 30th instant, for the Purchase and Removal of Buildings, Manners and Herbert Streets. Conditions at my office. JOHN S. SWAN, M.B.S.A., Architect. Kelburne Chambers.

TO BUILDERS.

WOOL STORE, THORNDON QUAY. TENDERS are invited until noon of THURSDAY, 7th day of March, for the Erection of Four-Storeyed Brick and Brick Wool Store, Thorndon Quay, for the New Zealand Loan and Mercantile Agency Company, Ltd. Plans and specifications at our office, 220 Lambton Quay. THOS. TURNBULL AND SON, F.R.I.B.A., Architects.

WELLINGTON TIMBER CO., LTD., Constable Street, Wellington South.

HAVE in stock large quantities of all BUILDING MATERIALS, and are prepared to deliver to any part City and Suburbs at Bed-rock Prices. Send for quotations. Telephone 1000. P.O. Box 25.

TO BUILDERS AND CONTRACTORS.

OHAKUNE STEAM BRICK WORKS, Ohakune Main Trunk Line. F. Hudson and Co., Proprietors—The above firm wish to notify they are now prepared to execute orders for the very finest Brick Bricks at lowest possible prices. Write for particulars. Address F. HUDSON AND CO., Brick Manufacturers, Ohakune.

WANTED Known—G. A. Gammes and Co. have 24,000 feet timber and second hand kauri flooring; special cheap quotations; prompt delivery. Apply direct, Ohakune.

TILLIARD NATUSCH, Architect, Ballance Street, Wellington, and at Napier and Palmerston North.

WANTED, All Property Owners to know that we do all kinds of Repair Work, such as Carpentering, Painting and Paperhanging, Plumbing, Bricklaying, and Concrete Work, Gasfitting. Drainage, Etc. Estimates furnished. Address 'Builder,' Box 604, G.P.O. Wellington.

THE TAUPO TOTARA TIMBER CO., LTD.

Produce the HIGHEST QUALITY TIMBER in the Dominion from their SPLENDID MOUNTAIN FORESTS at Mokai, near Taupo.

TOTARA, MATAI, RIMU. Grown at an altitude of 2000 feet. BRIDGE BUILDING QUALITY, in Any Size or Length.

THE TAUPO TOTARA TIMBER CO., LTD., PUTARURU, WAIKATO. Write to Manager for Quotations.

EXPANDED METAL RAHN TRUSSED STEEL BARS. KAHN SYSTEM STEEL BARS, for Reinforced Concrete Construction. EXPANDED METAL LATHING, for Fireproof Walls and Ceilings. RUBEROID ROOFING, DAMPCOURSE, FLOORING, GIANT BUILDING PAPER, RATNER SAFES AND STRONGROOM DOORS, DREADNOUGHT FIREPROOF DOORS, OREGON TIMBER AND LATHS.

THE STEWART TIMBER, GLASS, AND HARDWARE CO., LTD. Courtenay Place, Wellington.

FRESH AIR AND LANE'S EMULSION.
The Two Finest Lung Medicines in this world. Take lots of Fresh Air, and you won't need Lane's Emulsion. The more fresh air you get into your lungs the better your health. Inhale deeply. Make your lungs expand, grow, develop. Forget fresh air and your lungs weaken. Cold attacks them, Bronchitis, Asthma, or other lung diseases settle. Lane's Emulsion needed then. Take Lane's regularly for lung and throat diseases and you'll know what a really good emulsion LANE'S Emulsion is. At chemists, 2/6 and 4/6 per bottle.
63
STAR
(BRAND)
MULLET
THE GREAT N.Z. DELICACY
FROM EVERY GROCER, READY FOR USE
Carefully Prepared by The Dominion Canning Co., Auckland.
SHIPPING DISASTER.
FRENCH LINER SUNK IN THE MEDITERRANEAN.
ONLY ONE LIFE SAVED.

A terrible disaster occurred in the Mediterranean on February 11. The French liner General Chanzy struck off the coast of Minorca, and all the crew and passengers perished with the exception of one man.

The solitary survivor is a Customs officer named Marcel Rodez, who was on his way to Algiers.

It is known that the vessel had 157 persons on board, and the total number of lives lost therefore amounts to 156. There is no longer any doubt that the steamer was lost owing to the very rough weather, which drove her out of her course upon one of the submerged rocks between Punta Nitge and Ciudadela during the night. The lighthouses around the rocky coast of the island are not very numerous, and it was, therefore, quite possible to miss seeing them on a very dark and stormy night. The course of the steamers is usually to the east of Minorca, but sometimes in very rough weather they make for a point slightly west of Ciudadela, making through the strait between the two islands of Majorca and Minorca, where the seas are more sheltered. It may have been by trying to take this precautionary course that the General Chanzy met her fate.

It was, perhaps, the suddenness of the disaster that prevented any efforts on the part of the crew to save those on board. That some persons, however, had time to put on life-belts is proved from the fact that on February 13, when boats first set out to the scene, five bodies with life-belts around them were found. The first corpse brought ashore was that of a man aged about 50, and of a woman, the child clasped in her arms the body of a baby only a few months old.

The sight of the disaster was one of unspeakable horror. Captain Bertholet, of the mail steamer Charles Roux, declared in an interview that he had never before encountered such weather during forty years' experience of the Mediterranean. The Charles Roux was called at Port to pick up one of the Baleares for the night.

Captain Cayol, of the General Chanzy, was forty-eight years of age, and had been twenty-five years at sea. Among the passengers was a company of artistes of the French Opera, seven gentlemen and ladies who were going to Algiers to fulfil an engagement there. Two American artistes, Bernards and Green, with addresses at Interstate Theatre, London, and Fourth Avenue, New York, are among those who perished. The names of Mr. and Mrs. Bruce, British subjects, and the two children, are also included. The vessel carried 26 stewards and a crew of about 90.

The loss of the crew of the General Chanzy leaves behind it forty widows and 102 orphans in Marseilles, and a relief fund is being started.

SURVIVOR'S THRILLING STORY.

Marcel Rodez, the sole survivor of the wreck of the General Chanzy, is a native of Espinal, in the Vosges Department, and is twenty-three years of age. The following account of his experiences was given to a newspaper correspondent:—

We left Marseilles for Algiers on February 9 at one o'clock in the afternoon. We were a hundred passengers on board, and the weather was stormy. The rolling of the vessel was terrible; everybody was sick. Nevertheless, the vessel kept on her way.

At about five o'clock in the morning of the 10th I was awakened by a violent shock which sent us all out of bed. The lights went out. Realising some sudden catastrophe, I rushed to my cabin door. Several passengers were alarmed, I called out, 'What is the thing?' I did not believe this, however, and went back to my cabin. Men and women, I rushed on deck. Tremendous waves were sweeping over the deck.

I saw a number of people clinging to the rigging, and in the distance the dim outline of some rocks. I fell into the water as I was trying to seize a piece of floating wreckage. I then swam to a piece of wreck, where I found myself alone in the darkness.

After several hours I sighted a rock, and with great difficulty managed to crawl on to it. There I remained for a day and the following night, almost frozen, without food or water. On the morning of the 12th I saw a cleft in the rocks which led into a small cave where I found shelter from the wind and spray.

I climbed on the rocks and saw a fishing-boat. I waved my shirt and the fishermen saw me and took me on board. I was taken to the village of Ciudadela, where I was cared for by the inhabitants. I was completely exhausted, and my legs and arms were badly cut.

An expert workman in one of the great needle factories, in a test of skill, performed one of the most delicate feats imaginable. He took a common sewing needle of medium size, an inch and five-eighths in length, and drilled a hole through its entire length from eye to point, the opening being just large enough to permit the passage of a very fine hair.

Both old and young are prone to the weather-changing coughs. Yet every one should use the Tonic Woods of Baxter's Lung Preserver. It cures Asthma, Colds, Coughs, and Sore Throats, and is cheap. Ask for Baxter's.

There are to be no more hand powers in Home Park, Sydenham, as the London County Council has been informed that the audiences there were 'very small and quite inattentive.'
